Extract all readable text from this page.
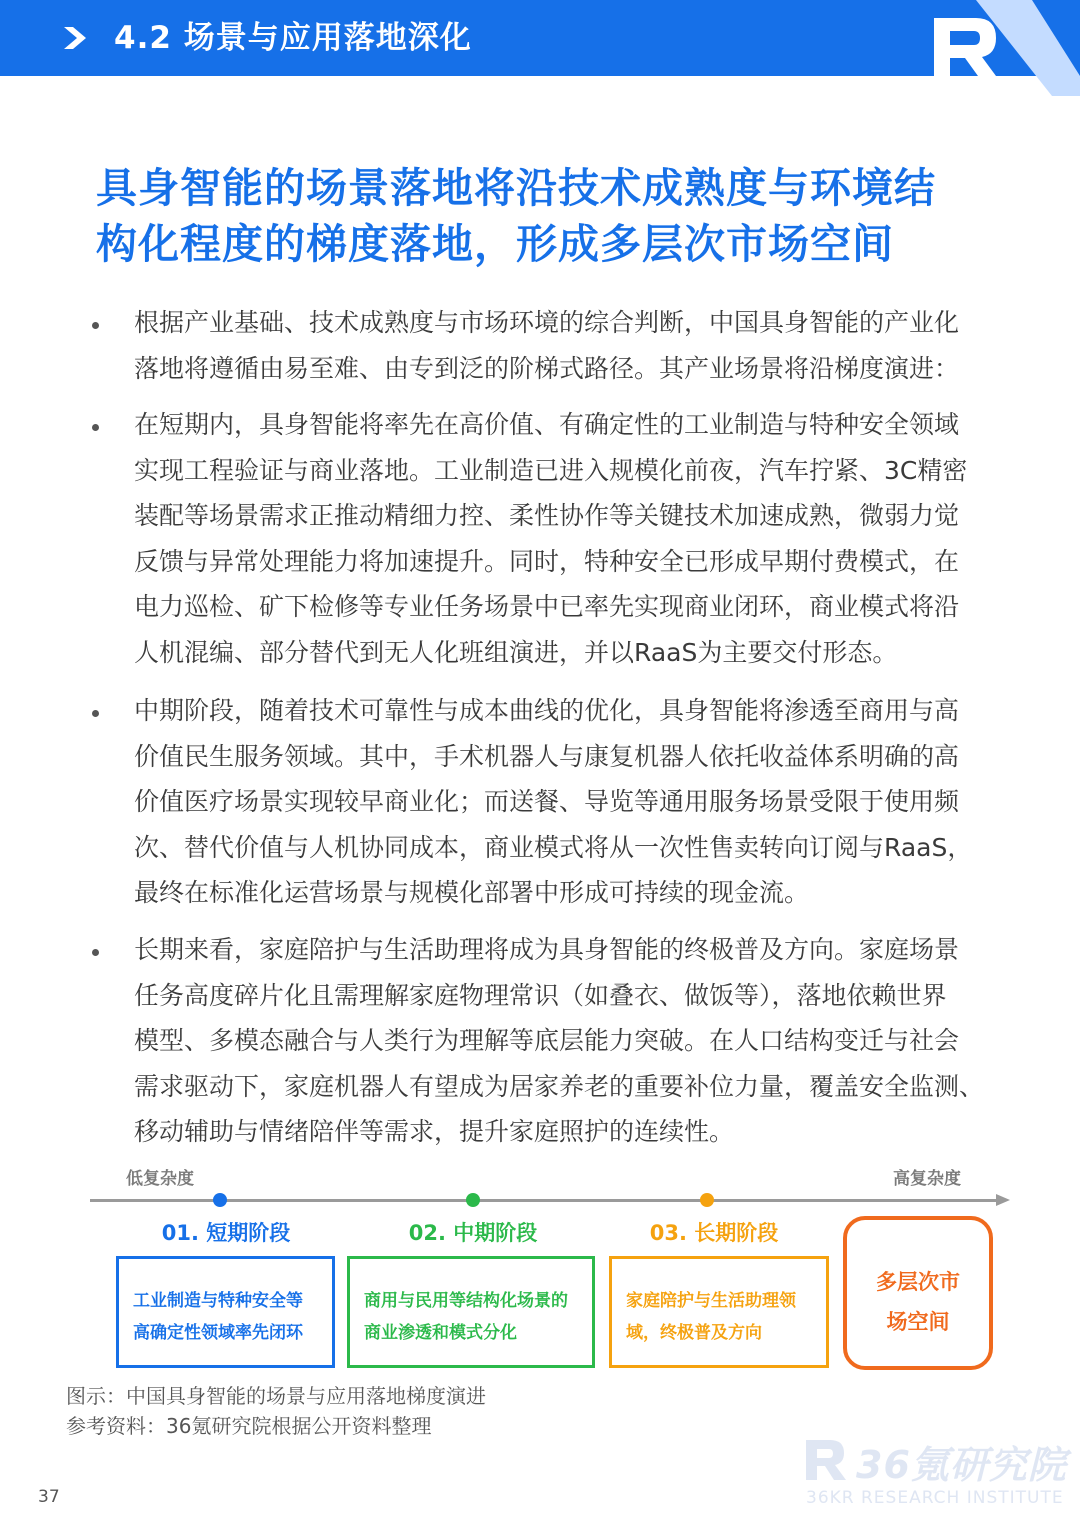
4.2 场景与应用落地深化
具身智能的场景落地将沿技术成熟度与环境结
构化程度的梯度落地，形成多层次市场空间
根据产业基础、技术成熟度与市场环境的综合判断，中国具身智能的产业化
落地将遵循由易至难、由专到泛的阶梯式路径。其产业场景将沿梯度演进：
在短期内，具身智能将率先在高价值、有确定性的工业制造与特种安全领域
实现工程验证与商业落地。工业制造已进入规模化前夜，汽车拧紧、3C精密
装配等场景需求正推动精细力控、柔性协作等关键技术加速成熟，微弱力觉
反馈与异常处理能力将加速提升。同时，特种安全已形成早期付费模式，在
电力巡检、矿下检修等专业任务场景中已率先实现商业闭环，商业模式将沿
人机混编、部分替代到无人化班组演进，并以RaaS为主要交付形态。
中期阶段，随着技术可靠性与成本曲线的优化，具身智能将渗透至商用与高
价值民生服务领域。其中，手术机器人与康复机器人依托收益体系明确的高
价值医疗场景实现较早商业化；而送餐、导览等通用服务场景受限于使用频
次、替代价值与人机协同成本，商业模式将从一次性售卖转向订阅与RaaS，
最终在标准化运营场景与规模化部署中形成可持续的现金流。
长期来看，家庭陪护与生活助理将成为具身智能的终极普及方向。家庭场景
任务高度碎片化且需理解家庭物理常识（如叠衣、做饭等），落地依赖世界
模型、多模态融合与人类行为理解等底层能力突破。在人口结构变迁与社会
需求驱动下，家庭机器人有望成为居家养老的重要补位力量，覆盖安全监测、
移动辅助与情绪陪伴等需求，提升家庭照护的连续性。
低复杂度	高复杂度
01. 短期阶段	02. 中期阶段	03. 长期阶段
工业制造与特种安全等
高确定性领域率先闭环
商用与民用等结构化场景的
商业渗透和模式分化
家庭陪护与生活助理领
域，终极普及方向
多层次市
场空间
图示：中国具身智能的场景与应用落地梯度演进
参考资料：36氪研究院根据公开资料整理
37
36氪研究院
36KR RESEARCH INSTITUTE
